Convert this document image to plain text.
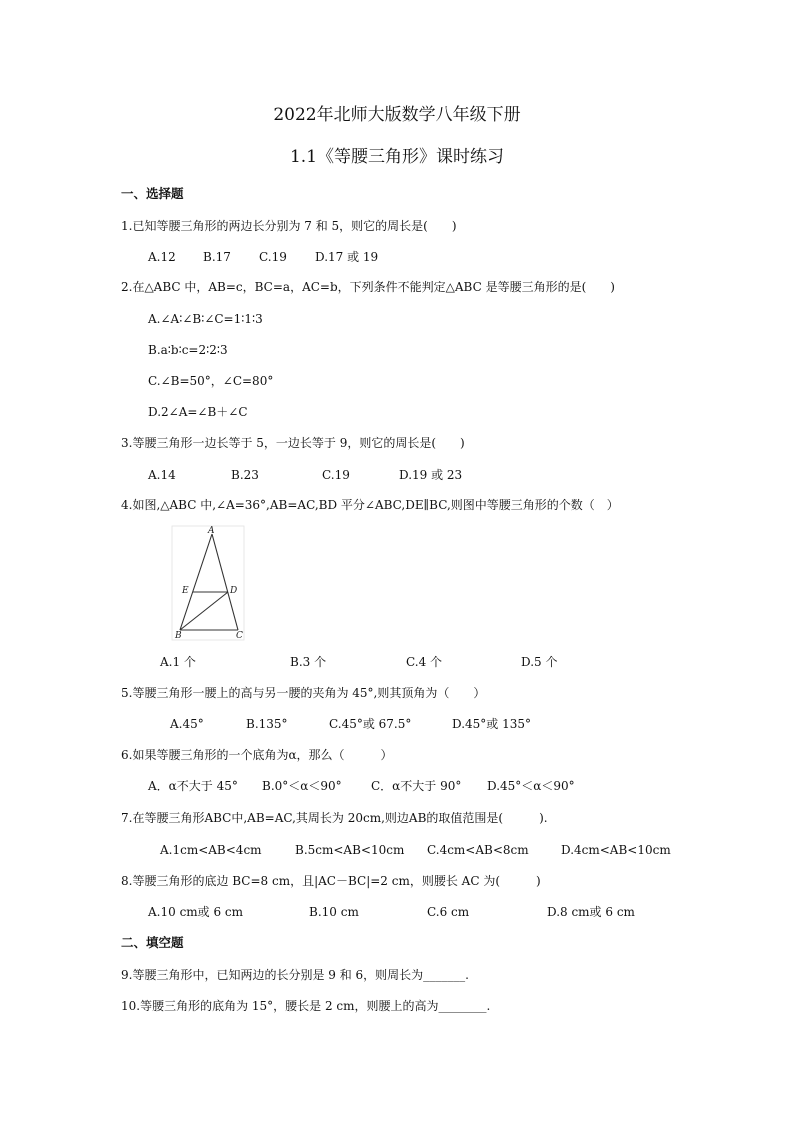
2022年北师大版数学八年级下册
1.1《等腰三角形》课时练习
一、选择题
1.已知等腰三角形的两边长分别为 7 和 5，则它的周长是(　　)
A.12 B.17 C.19 D.17 或 19
2.在△ABC 中，AB=c，BC=a，AC=b，下列条件不能判定△ABC 是等腰三角形的是(　　)
A.∠A∶∠B∶∠C=1∶1∶3
B.a∶b∶c=2∶2∶3
C.∠B=50°，∠C=80°
D.2∠A=∠B＋∠C
3.等腰三角形一边长等于 5，一边长等于 9，则它的周长是(　　)
A.14	B.23	C.19	D.19 或 23
4.如图,△ABC 中,∠A=36°,AB=AC,BD 平分∠ABC,DE∥BC,则图中等腰三角形的个数（　）
A
E	D
B	C
A.1 个	B.3 个	C.4 个	D.5 个
5.等腰三角形一腰上的高与另一腰的夹角为 45°,则其顶角为（　　）
A.45°	B.135°	C.45°或 67.5°	D.45°或 135°
6.如果等腰三角形的一个底角为α，那么（　　　）
A．α不大于 45° B.0°＜α＜90° C．α不大于 90° D.45°＜α＜90°
7.在等腰三角形ABC中,AB=AC,其周长为 20cm,则边AB的取值范围是(　　　).
A.1cm<AB<4cm	B.5cm<AB<10cm C.4cm<AB<8cm	D.4cm<AB<10cm
8.等腰三角形的底边 BC=8 cm，且|AC－BC|=2 cm，则腰长 AC 为(　　　)
A.10 cm或 6 cm	B.10 cm	C.6 cm	D.8 cm或 6 cm
二、填空题
9.等腰三角形中，已知两边的长分别是 9 和 6，则周长为_______.
10.等腰三角形的底角为 15°，腰长是 2 cm，则腰上的高为________.
